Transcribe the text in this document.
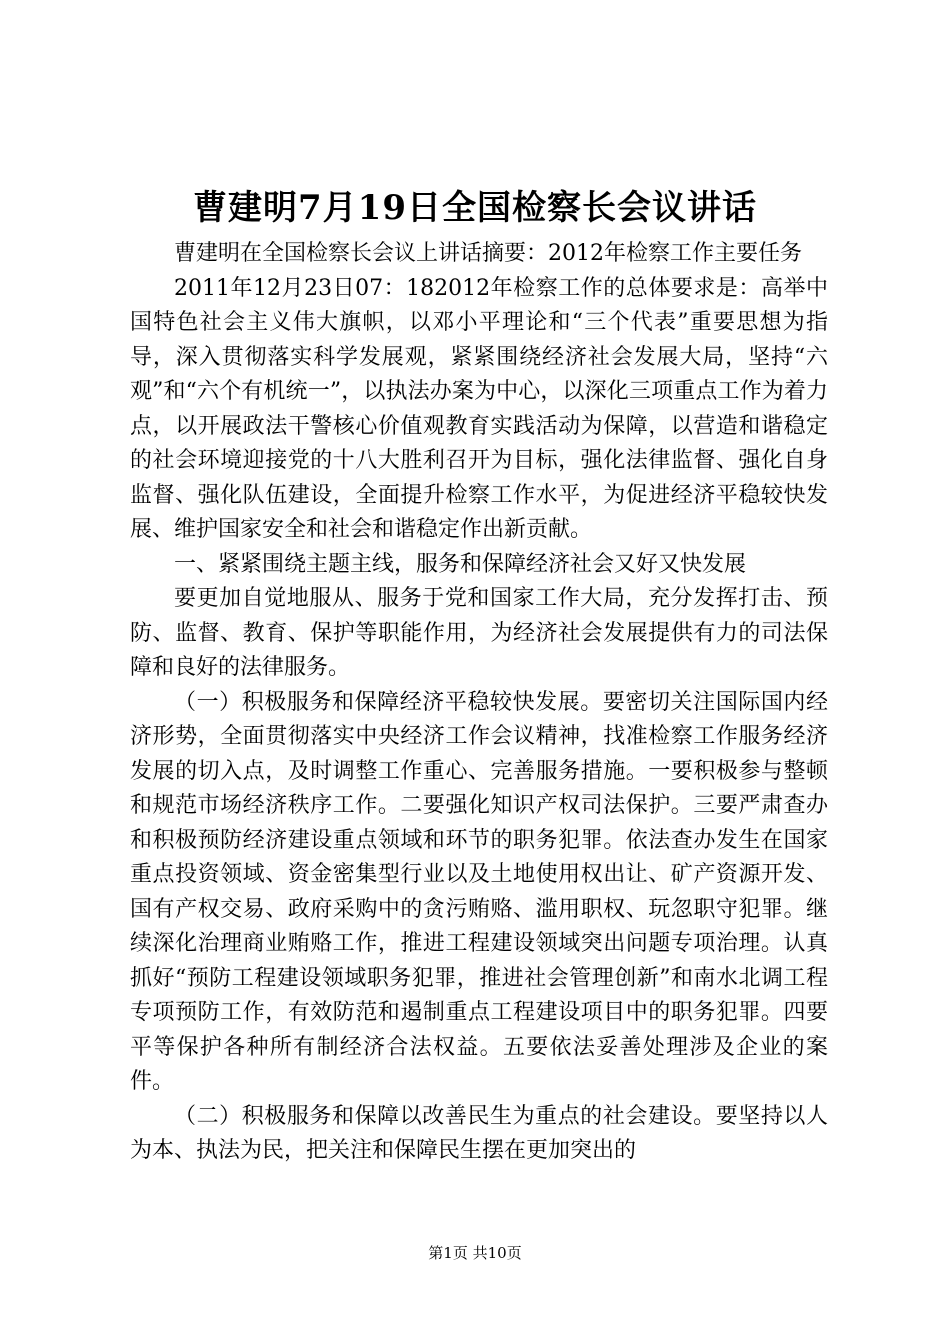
曹建明7月19日全国检察长会议讲话

曹建明在全国检察长会议上讲话摘要：2012年检察工作主要任务

2011年12月23日07：182012年检察工作的总体要求是：高举中国特色社会主义伟大旗帜，以邓小平理论和“三个代表”重要思想为指导，深入贯彻落实科学发展观，紧紧围绕经济社会发展大局，坚持“六观”和“六个有机统一”，以执法办案为中心，以深化三项重点工作为着力点，以开展政法干警核心价值观教育实践活动为保障，以营造和谐稳定的社会环境迎接党的十八大胜利召开为目标，强化法律监督、强化自身监督、强化队伍建设，全面提升检察工作水平，为促进经济平稳较快发展、维护国家安全和社会和谐稳定作出新贡献。

一、紧紧围绕主题主线，服务和保障经济社会又好又快发展

要更加自觉地服从、服务于党和国家工作大局，充分发挥打击、预防、监督、教育、保护等职能作用，为经济社会发展提供有力的司法保障和良好的法律服务。

（一）积极服务和保障经济平稳较快发展。要密切关注国际国内经济形势，全面贯彻落实中央经济工作会议精神，找准检察工作服务经济发展的切入点，及时调整工作重心、完善服务措施。一要积极参与整顿和规范市场经济秩序工作。二要强化知识产权司法保护。三要严肃查办和积极预防经济建设重点领域和环节的职务犯罪。依法查办发生在国家重点投资领域、资金密集型行业以及土地使用权出让、矿产资源开发、国有产权交易、政府采购中的贪污贿赂、滥用职权、玩忽职守犯罪。继续深化治理商业贿赂工作，推进工程建设领域突出问题专项治理。认真抓好“预防工程建设领域职务犯罪，推进社会管理创新”和南水北调工程专项预防工作，有效防范和遏制重点工程建设项目中的职务犯罪。四要平等保护各种所有制经济合法权益。五要依法妥善处理涉及企业的案件。

（二）积极服务和保障以改善民生为重点的社会建设。要坚持以人为本、执法为民，把关注和保障民生摆在更加突出的

第1页 共10页
